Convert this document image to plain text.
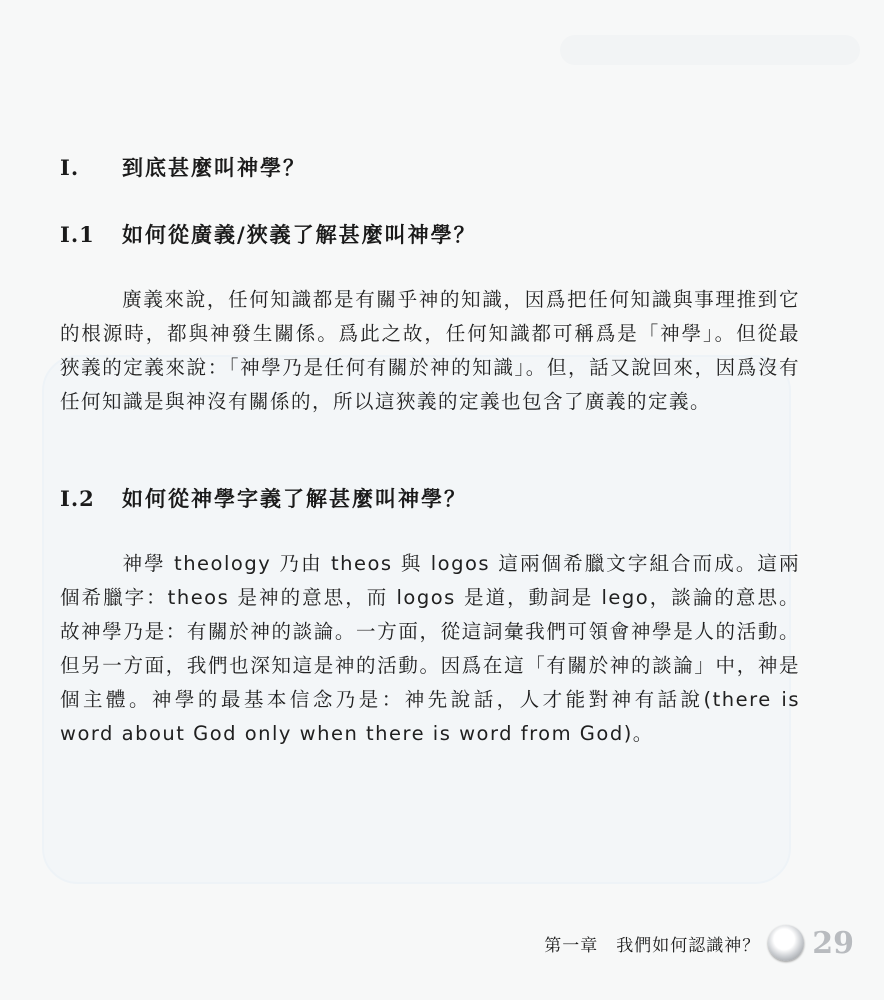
I. 到底甚麼叫神學？
I.1 如何從廣義/狹義了解甚麼叫神學？

廣義來說，任何知識都是有關乎神的知識，因爲把任何知識與事理推到它的根源時，都與神發生關係。爲此之故，任何知識都可稱爲是「神學」。但從最狹義的定義來說：「神學乃是任何有關於神的知識」。但，話又說回來，因爲沒有任何知識是與神沒有關係的，所以這狹義的定義也包含了廣義的定義。

I.2 如何從神學字義了解甚麼叫神學？

神學 theology 乃由 theos 與 logos 這兩個希臘文字組合而成。這兩個希臘字：theos 是神的意思，而 logos 是道，動詞是 lego，談論的意思。故神學乃是：有關於神的談論。一方面，從這詞彙我們可領會神學是人的活動。但另一方面，我們也深知這是神的活動。因爲在這「有關於神的談論」中，神是個主體。神學的最基本信念乃是：神先說話，人才能對神有話說(there is word about God only when there is word from God)。

第一章　我們如何認識神？ 29
